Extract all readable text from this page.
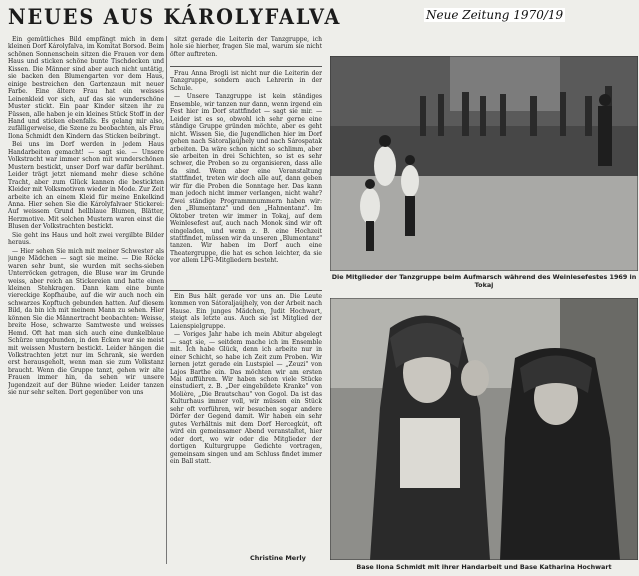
NEUES AUS KÁROLYFALVA	Neue Zeitung 1970/19

Ein gemütliches Bild empfängt mich in dem kleinen Dorf Károlyfalva, im Komitat Borsod. Beim schönen Sonnenschein sitzen die Frauen vor dem Haus und sticken schöne bunte Tischdecken und Kissen. Die Männer sind aber auch nicht untätig, sie backen den Blumengarten vor dem Haus, einige bestreichen den Gartenzaun mit neuer Farbe. Eine ältere Frau hat ein weisses Leinenkleid vor sich, auf das sie wunderschöne Muster stickt. Ein paar Kinder sitzen ihr zu Füssen, alle haben je ein kleines Stück Stoff in der Hand und sticken ebenfalls. Es gelang mir also, zufälligerweise, die Szene zu beobachten, als Frau Ilona Schmidt den Kindern das Sticken beibringt.

Bei uns im Dorf werden in jedem Haus Handarbeiten gemacht! — sagt sie. — Unsere Volkstracht war immer schon mit wunderschönen Mustern bestickt, unser Dorf war dafür berühmt. Leider trägt jetzt niemand mehr diese schöne Tracht, aber zum Glück kannen die bestickten Kleider mit Volksmotiven wieder in Mode. Zur Zeit arbeite ich an einem Kleid für meine Enkelkind Anna. Hier sehen Sie die Károlyfalvaer Stickerei: Auf weissem Grund hellblaue Blumen, Blätter, Herzmotive. Mit solchen Mustern waren einst die Blusen der Volkstrachten bestickt.

Sie geht ins Haus und holt zwei vergilbte Bilder heraus.

— Hier sehen Sie mich mit meiner Schwester als junge Mädchen — sagt sie meine. — Die Röcke waren sehr bunt, sie wurden mit sechs-sieben Unterröcken getragen, die Bluse war im Grunde weiss, aber reich an Stickereien und hatte einen kleinen Stehkragen. Dann kam eine bunte viereckige Kopfhaube, auf die wir auch noch ein schwarzes Kopftuch gebunden hatten. Auf diesem Bild, da bin ich mit meinem Mann zu sehen. Hier können Sie die Männertracht beobachten: Weisse, breite Hose, schwarze Samtweste und weisses Hemd. Oft hat man sich auch eine dunkelblaue Schürze umgebunden, in den Ecken war sie meist mit weissen Mustern bestickt. Leider hängen die Volkstrachten jetzt nur im Schrank, sie werden erst herausgeholt, wenn man sie zum Volkstanz braucht. Wenn die Gruppe tanzt, gehen wir alte Frauen immer hin, da sehen wir unsere Jugendzeit auf der Bühne wieder. Leider tanzen sie nur sehr selten. Dort gegenüber von uns

sitzt gerade die Leiterin der Tanzgruppe, ich hole sie hierher, fragen Sie mal, warum sie nicht öfter auftreten.

Frau Anna Brogli ist nicht nur die Leiterin der Tanzgruppe, sondern auch Lehrerin in der Schule.

— Unsere Tanzgruppe ist kein ständiges Ensemble, wir tanzen nur dann, wenn irgend ein Fest hier im Dorf stattfindet — sagt sie mir. — Leider ist es so, obwohl ich sehr gerne eine ständige Gruppe gründen möchte, aber es geht nicht. Wissen Sie, die Jugendlichen hier im Dorf gehen nach Sátoraljaújhely und nach Sárospatak arbeiten. Da wäre schon nicht so schlimm, aber sie arbeiten in drei Schichten, so ist es sehr schwer, die Proben so zu organisieren, dass alle da sind. Wenn aber eine Veranstaltung stattfindet, treten wir doch alle auf, dann geben wir für die Proben die Sonntage her. Das kann man jedoch nicht immer verlangen, nicht wahr? Zwei ständige Programmnummern haben wir: den „Blumentanz" und den „Hahnentanz". Im Oktober treten wir immer in Tokaj, auf dem Weinlesefest auf, auch nach Monok sind wir oft eingeladen, und wenn z. B. eine Hochzeit stattfindet, müssen wir da unseren „Blumentanz" tanzen. Wir haben im Dorf auch eine Theatergruppe, die hat es schon leichter, da sie vor allem LPG-Mitgliedern besteht.

Ein Bus hält gerade vor uns an. Die Leute kommen von Sátoraljaújhely, von der Arbeit nach Hause. Ein junges Mädchen, Judit Hochwart, steigt als letzte aus. Auch sie ist Mitglied der Laienspielgruppe.

— Voriges Jahr habe ich mein Abitur abgelegt — sagt sie, — seitdem mache ich im Ensemble mit. Ich habe Glück, denn ich arbeite nur in einer Schicht, so habe ich Zeit zum Proben. Wir lernen jetzt gerade ein Lustspiel — „Zeuzi" von Lajos Barthe ein. Das möchten wir am ersten Mai aufführen. Wir haben schon viele Stücke einstudiert, z. B. „Der eingebildete Kranke" von Molière, „Die Brautschau" von Gogol. Da ist das Kulturhaus immer voll, wir müssen ein Stück sehr oft vorführen, wir besuchen sogar andere Dörfer der Gegend damit. Wir haben ein sehr gutes Verhältnis mit dem Dorf Hercegkút, oft wird ein gemeinsamer Abend veranstaltet, hier oder dort, wo wir oder die Mitglieder der dortigen Kulturgruppe Gedichte vortragen, gemeinsam singen und am Schluss findet immer ein Ball statt.

Christine Merly
Die Mitglieder der Tanzgruppe beim Aufmarsch während des Weinlesefestes 1969 in Tokaj
Base Ilona Schmidt mit ihrer Handarbeit und Base Katharina Hochwart
